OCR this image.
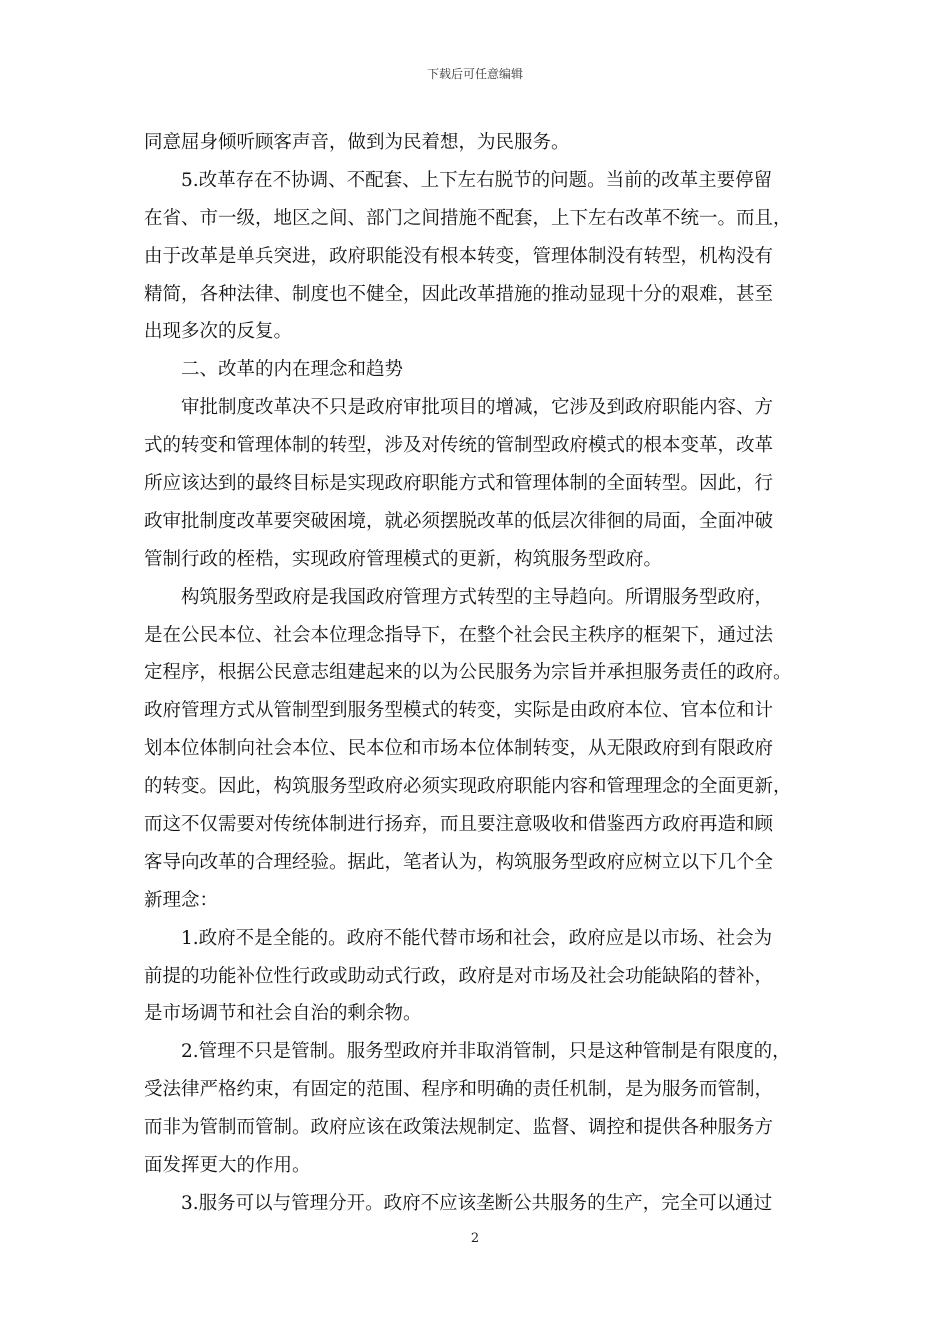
下载后可任意编辑
同意屈身倾听顾客声音，做到为民着想，为民服务。
5.改革存在不协调、不配套、上下左右脱节的问题。当前的改革主要停留
在省、市一级，地区之间、部门之间措施不配套，上下左右改革不统一。而且，
由于改革是单兵突进，政府职能没有根本转变，管理体制没有转型，机构没有
精简，各种法律、制度也不健全，因此改革措施的推动显现十分的艰难，甚至
出现多次的反复。
二、改革的内在理念和趋势
审批制度改革决不只是政府审批项目的增减，它涉及到政府职能内容、方
式的转变和管理体制的转型，涉及对传统的管制型政府模式的根本变革，改革
所应该达到的最终目标是实现政府职能方式和管理体制的全面转型。因此，行
政审批制度改革要突破困境，就必须摆脱改革的低层次徘徊的局面，全面冲破
管制行政的桎梏，实现政府管理模式的更新，构筑服务型政府。
构筑服务型政府是我国政府管理方式转型的主导趋向。所谓服务型政府，
是在公民本位、社会本位理念指导下，在整个社会民主秩序的框架下，通过法
定程序，根据公民意志组建起来的以为公民服务为宗旨并承担服务责任的政府。
政府管理方式从管制型到服务型模式的转变，实际是由政府本位、官本位和计
划本位体制向社会本位、民本位和市场本位体制转变，从无限政府到有限政府
的转变。因此，构筑服务型政府必须实现政府职能内容和管理理念的全面更新，
而这不仅需要对传统体制进行扬弃，而且要注意吸收和借鉴西方政府再造和顾
客导向改革的合理经验。据此，笔者认为，构筑服务型政府应树立以下几个全
新理念：
1.政府不是全能的。政府不能代替市场和社会，政府应是以市场、社会为
前提的功能补位性行政或助动式行政，政府是对市场及社会功能缺陷的替补，
是市场调节和社会自治的剩余物。
2.管理不只是管制。服务型政府并非取消管制，只是这种管制是有限度的，
受法律严格约束，有固定的范围、程序和明确的责任机制，是为服务而管制，
而非为管制而管制。政府应该在政策法规制定、监督、调控和提供各种服务方
面发挥更大的作用。
3.服务可以与管理分开。政府不应该垄断公共服务的生产，完全可以通过
2
